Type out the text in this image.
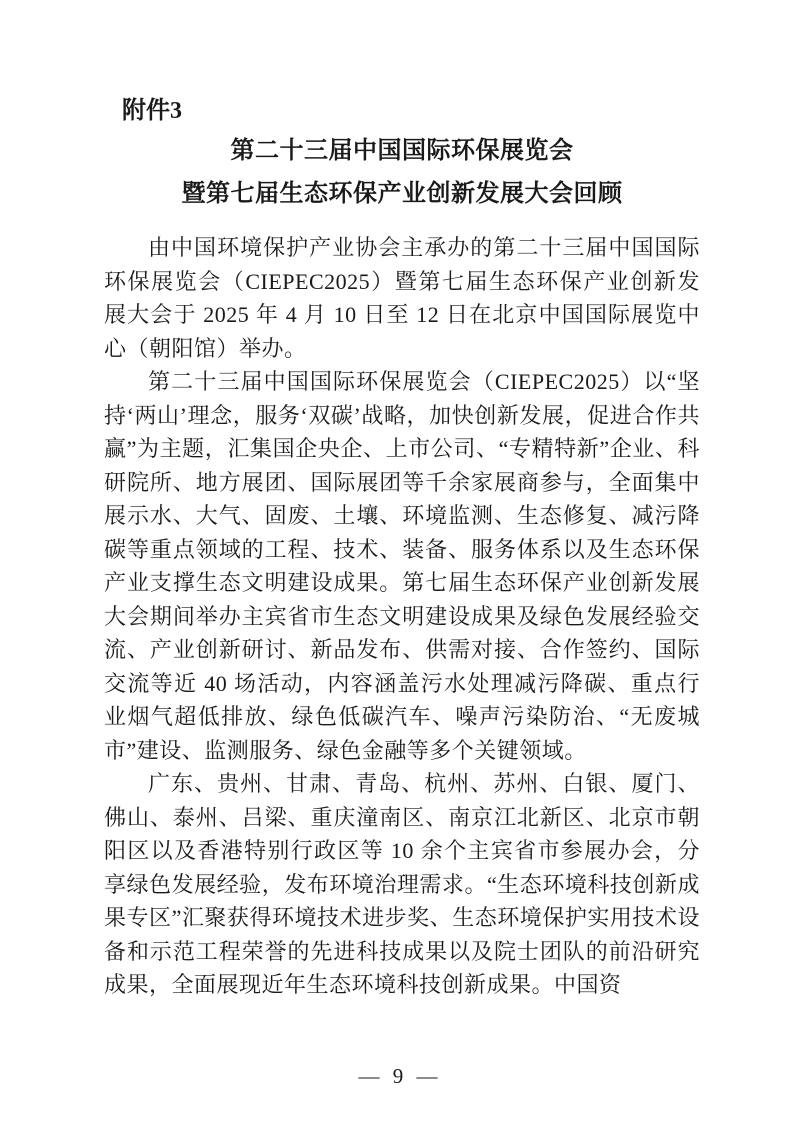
附件3
第二十三届中国国际环保展览会
暨第七届生态环保产业创新发展大会回顾

由中国环境保护产业协会主承办的第二十三届中国国际环保展览会（CIEPEC2025）暨第七届生态环保产业创新发展大会于 2025 年 4 月 10 日至 12 日在北京中国国际展览中心（朝阳馆）举办。

第二十三届中国国际环保展览会（CIEPEC2025）以“坚持‘两山’理念，服务‘双碳’战略，加快创新发展，促进合作共赢”为主题，汇集国企央企、上市公司、“专精特新”企业、科研院所、地方展团、国际展团等千余家展商参与，全面集中展示水、大气、固废、土壤、环境监测、生态修复、减污降碳等重点领域的工程、技术、装备、服务体系以及生态环保产业支撑生态文明建设成果。第七届生态环保产业创新发展大会期间举办主宾省市生态文明建设成果及绿色发展经验交流、产业创新研讨、新品发布、供需对接、合作签约、国际交流等近 40 场活动，内容涵盖污水处理减污降碳、重点行业烟气超低排放、绿色低碳汽车、噪声污染防治、“无废城市”建设、监测服务、绿色金融等多个关键领域。

广东、贵州、甘肃、青岛、杭州、苏州、白银、厦门、佛山、泰州、吕梁、重庆潼南区、南京江北新区、北京市朝阳区以及香港特别行政区等 10 余个主宾省市参展办会，分享绿色发展经验，发布环境治理需求。“生态环境科技创新成果专区”汇聚获得环境技术进步奖、生态环境保护实用技术设备和示范工程荣誉的先进科技成果以及院士团队的前沿研究成果，全面展现近年生态环境科技创新成果。中国资

— 9 —
